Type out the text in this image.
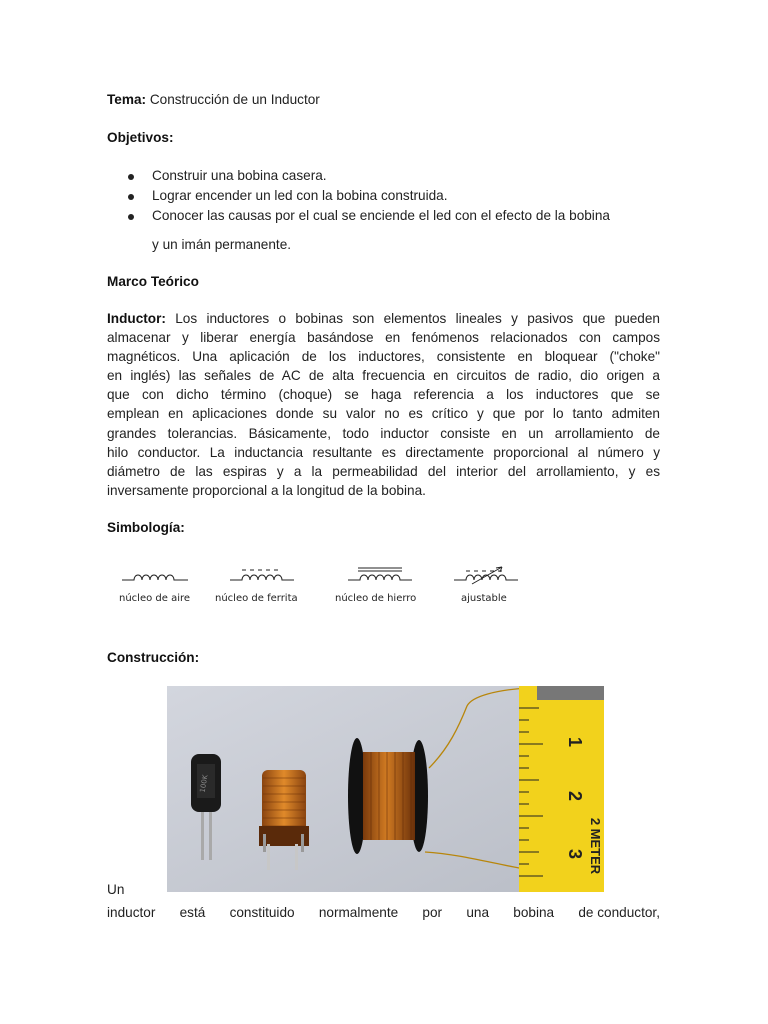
Tema: Construcción de un Inductor
Objetivos:
Construir una bobina casera.
Lograr encender un led con la bobina construida.
Conocer las causas por el cual se enciende el led con el efecto de la bobina
y un imán permanente.
Marco Teórico
Inductor: Los inductores o bobinas son elementos lineales y pasivos que pueden
almacenar y liberar energía basándose en fenómenos relacionados con campos
magnéticos. Una aplicación de los inductores, consistente en bloquear ("choke"
en inglés) las señales de AC de alta frecuencia en circuitos de radio, dio origen a
que con dicho término (choque) se haga referencia a los inductores que se
emplean en aplicaciones donde su valor no es crítico y que por lo tanto admiten
grandes tolerancias. Básicamente, todo inductor consiste en un arrollamiento de
hilo conductor. La inductancia resultante es directamente proporcional al número y
diámetro de las espiras y a la permeabilidad del interior del arrollamiento, y es
inversamente proporcional a la longitud de la bobina.
Simbología:
núcleo de aire núcleo de ferrita	núcleo de hierro	ajustable
Construcción:
100K
1
2
3 2 METER
Un
inductor está constituido normalmente por una bobina de conductor,
